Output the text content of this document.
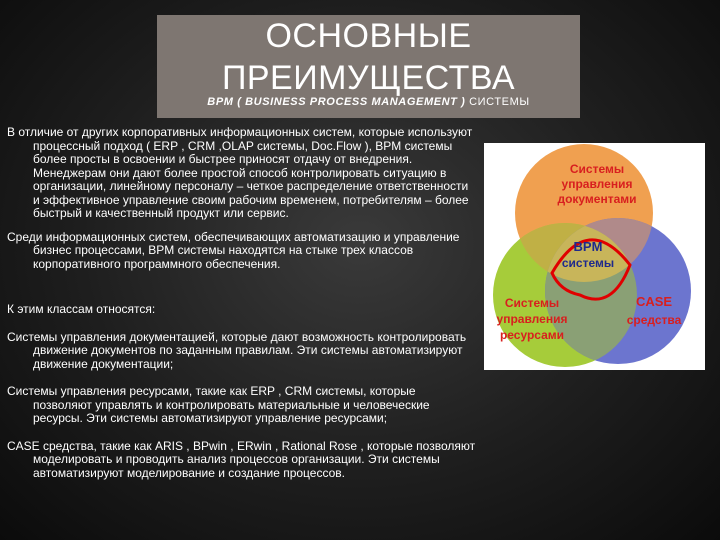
ОСНОВНЫЕ
ПРЕИМУЩЕСТВА
BPM ( BUSINESS PROCESS MANAGEMENT ) СИСТЕМЫ

В отличие от других корпоративных информационных систем, которые используют процессный подход ( ERP , CRM ,OLAP системы, Doc.Flow ), BPM системы более просты в освоении и быстрее приносят отдачу от внедрения. Менеджерам они дают более простой способ контролировать ситуацию в организации, линейному персоналу – четкое распределение ответственности и эффективное управление своим рабочим временем, потребителям – более быстрый и качественный продукт или сервис.

Среди информационных систем, обеспечивающих автоматизацию и управление бизнес процессами, BPM системы находятся на стыке трех классов корпоративного программного обеспечения.

К этим классам относятся:

Системы управления документацией, которые дают возможность контролировать движение документов по заданным правилам. Эти системы автоматизируют движение документации;

Системы управления ресурсами, такие как ERP , CRM системы, которые позволяют управлять и контролировать материальные и человеческие ресурсы. Эти системы автоматизируют управление ресурсами;

CASE средства, такие как ARIS , BPwin , ERwin , Rational Rose , которые позволяют моделировать и проводить анализ процессов организации. Эти системы автоматизируют моделирование и создание процессов.

Системы
управления
документами
BPM
системы
Системы
управления
ресурсами
CASE
средства
